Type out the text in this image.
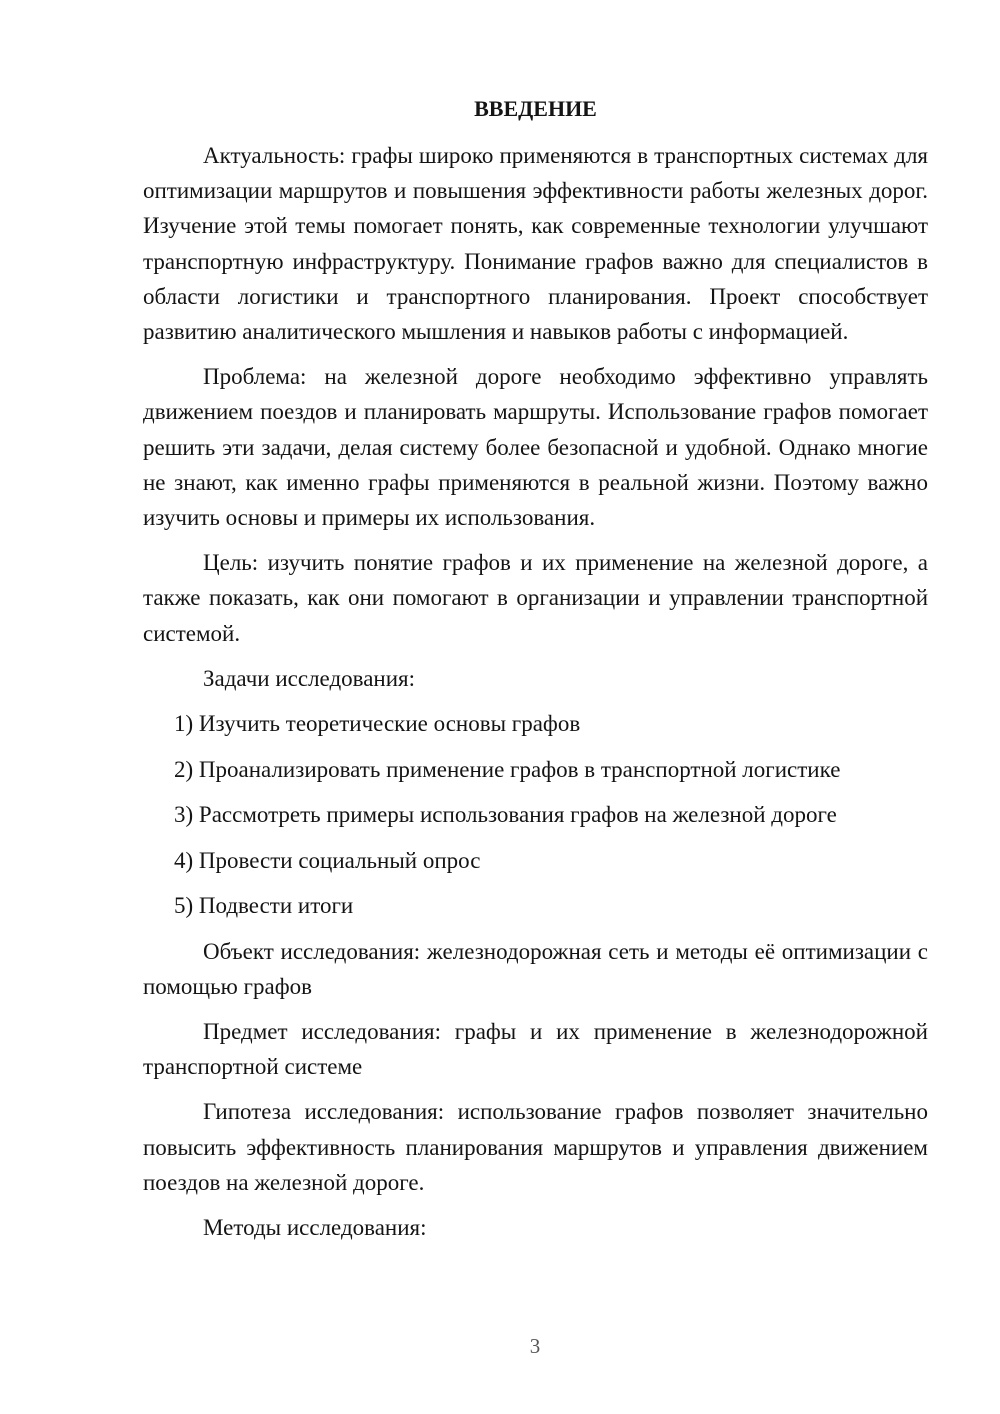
ВВЕДЕНИЕ

Актуальность: графы широко применяются в транспортных системах для оптимизации маршрутов и повышения эффективности работы железных дорог. Изучение этой темы помогает понять, как современные технологии улучшают транспортную инфраструктуру. Понимание графов важно для специалистов в области логистики и транспортного планирования. Проект способствует развитию аналитического мышления и навыков работы с информацией.

Проблема: на железной дороге необходимо эффективно управлять движением поездов и планировать маршруты. Использование графов помогает решить эти задачи, делая систему более безопасной и удобной. Однако многие не знают, как именно графы применяются в реальной жизни. Поэтому важно изучить основы и примеры их использования.

Цель: изучить понятие графов и их применение на железной дороге, а также показать, как они помогают в организации и управлении транспортной системой.

Задачи исследования:

1) Изучить теоретические основы графов
2) Проанализировать применение графов в транспортной логистике
3) Рассмотреть примеры использования графов на железной дороге
4) Провести социальный опрос
5) Подвести итоги

Объект исследования: железнодорожная сеть и методы её оптимизации с помощью графов

Предмет исследования: графы и их применение в железнодорожной транспортной системе

Гипотеза исследования: использование графов позволяет значительно повысить эффективность планирования маршрутов и управления движением поездов на железной дороге.

Методы исследования:

3
